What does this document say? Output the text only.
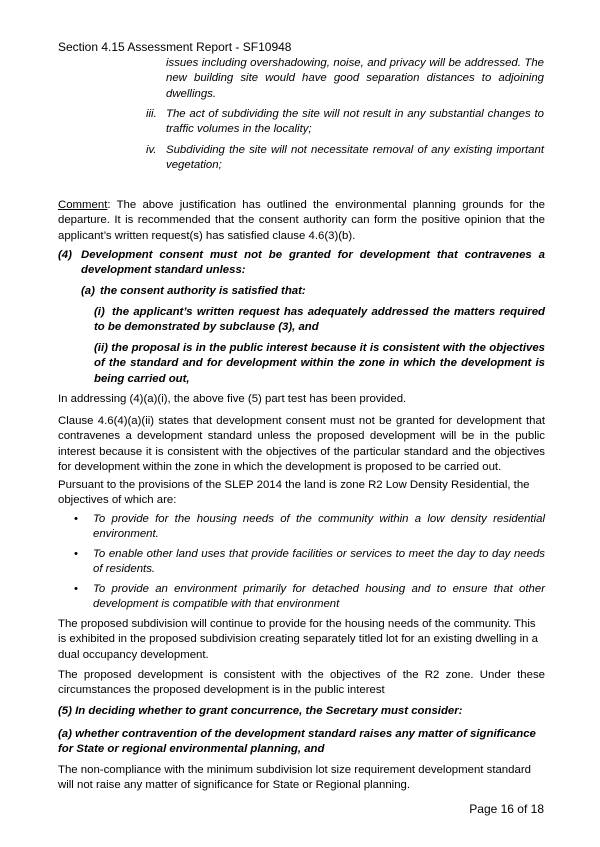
Section 4.15 Assessment Report - SF10948
issues including overshadowing, noise, and privacy will be addressed. The new building site would have good separation distances to adjoining dwellings.
iii. The act of subdividing the site will not result in any substantial changes to traffic volumes in the locality;
iv. Subdividing the site will not necessitate removal of any existing important vegetation;
Comment: The above justification has outlined the environmental planning grounds for the departure. It is recommended that the consent authority can form the positive opinion that the applicant’s written request(s) has satisfied clause 4.6(3)(b).
(4) Development consent must not be granted for development that contravenes a development standard unless:
(a) the consent authority is satisfied that:
(i) the applicant’s written request has adequately addressed the matters required to be demonstrated by subclause (3), and
(ii) the proposal is in the public interest because it is consistent with the objectives of the standard and for development within the zone in which the development is being carried out,
In addressing (4)(a)(i), the above five (5) part test has been provided.
Clause 4.6(4)(a)(ii) states that development consent must not be granted for development that contravenes a development standard unless the proposed development will be in the public interest because it is consistent with the objectives of the particular standard and the objectives for development within the zone in which the development is proposed to be carried out.
Pursuant to the provisions of the SLEP 2014 the land is zone R2 Low Density Residential, the objectives of which are:
• To provide for the housing needs of the community within a low density residential environment.
• To enable other land uses that provide facilities or services to meet the day to day needs of residents.
• To provide an environment primarily for detached housing and to ensure that other development is compatible with that environment
The proposed subdivision will continue to provide for the housing needs of the community. This is exhibited in the proposed subdivision creating separately titled lot for an existing dwelling in a dual occupancy development.
The proposed development is consistent with the objectives of the R2 zone. Under these circumstances the proposed development is in the public interest
(5) In deciding whether to grant concurrence, the Secretary must consider:
(a) whether contravention of the development standard raises any matter of significance for State or regional environmental planning, and
The non-compliance with the minimum subdivision lot size requirement development standard will not raise any matter of significance for State or Regional planning.
Page 16 of 18
